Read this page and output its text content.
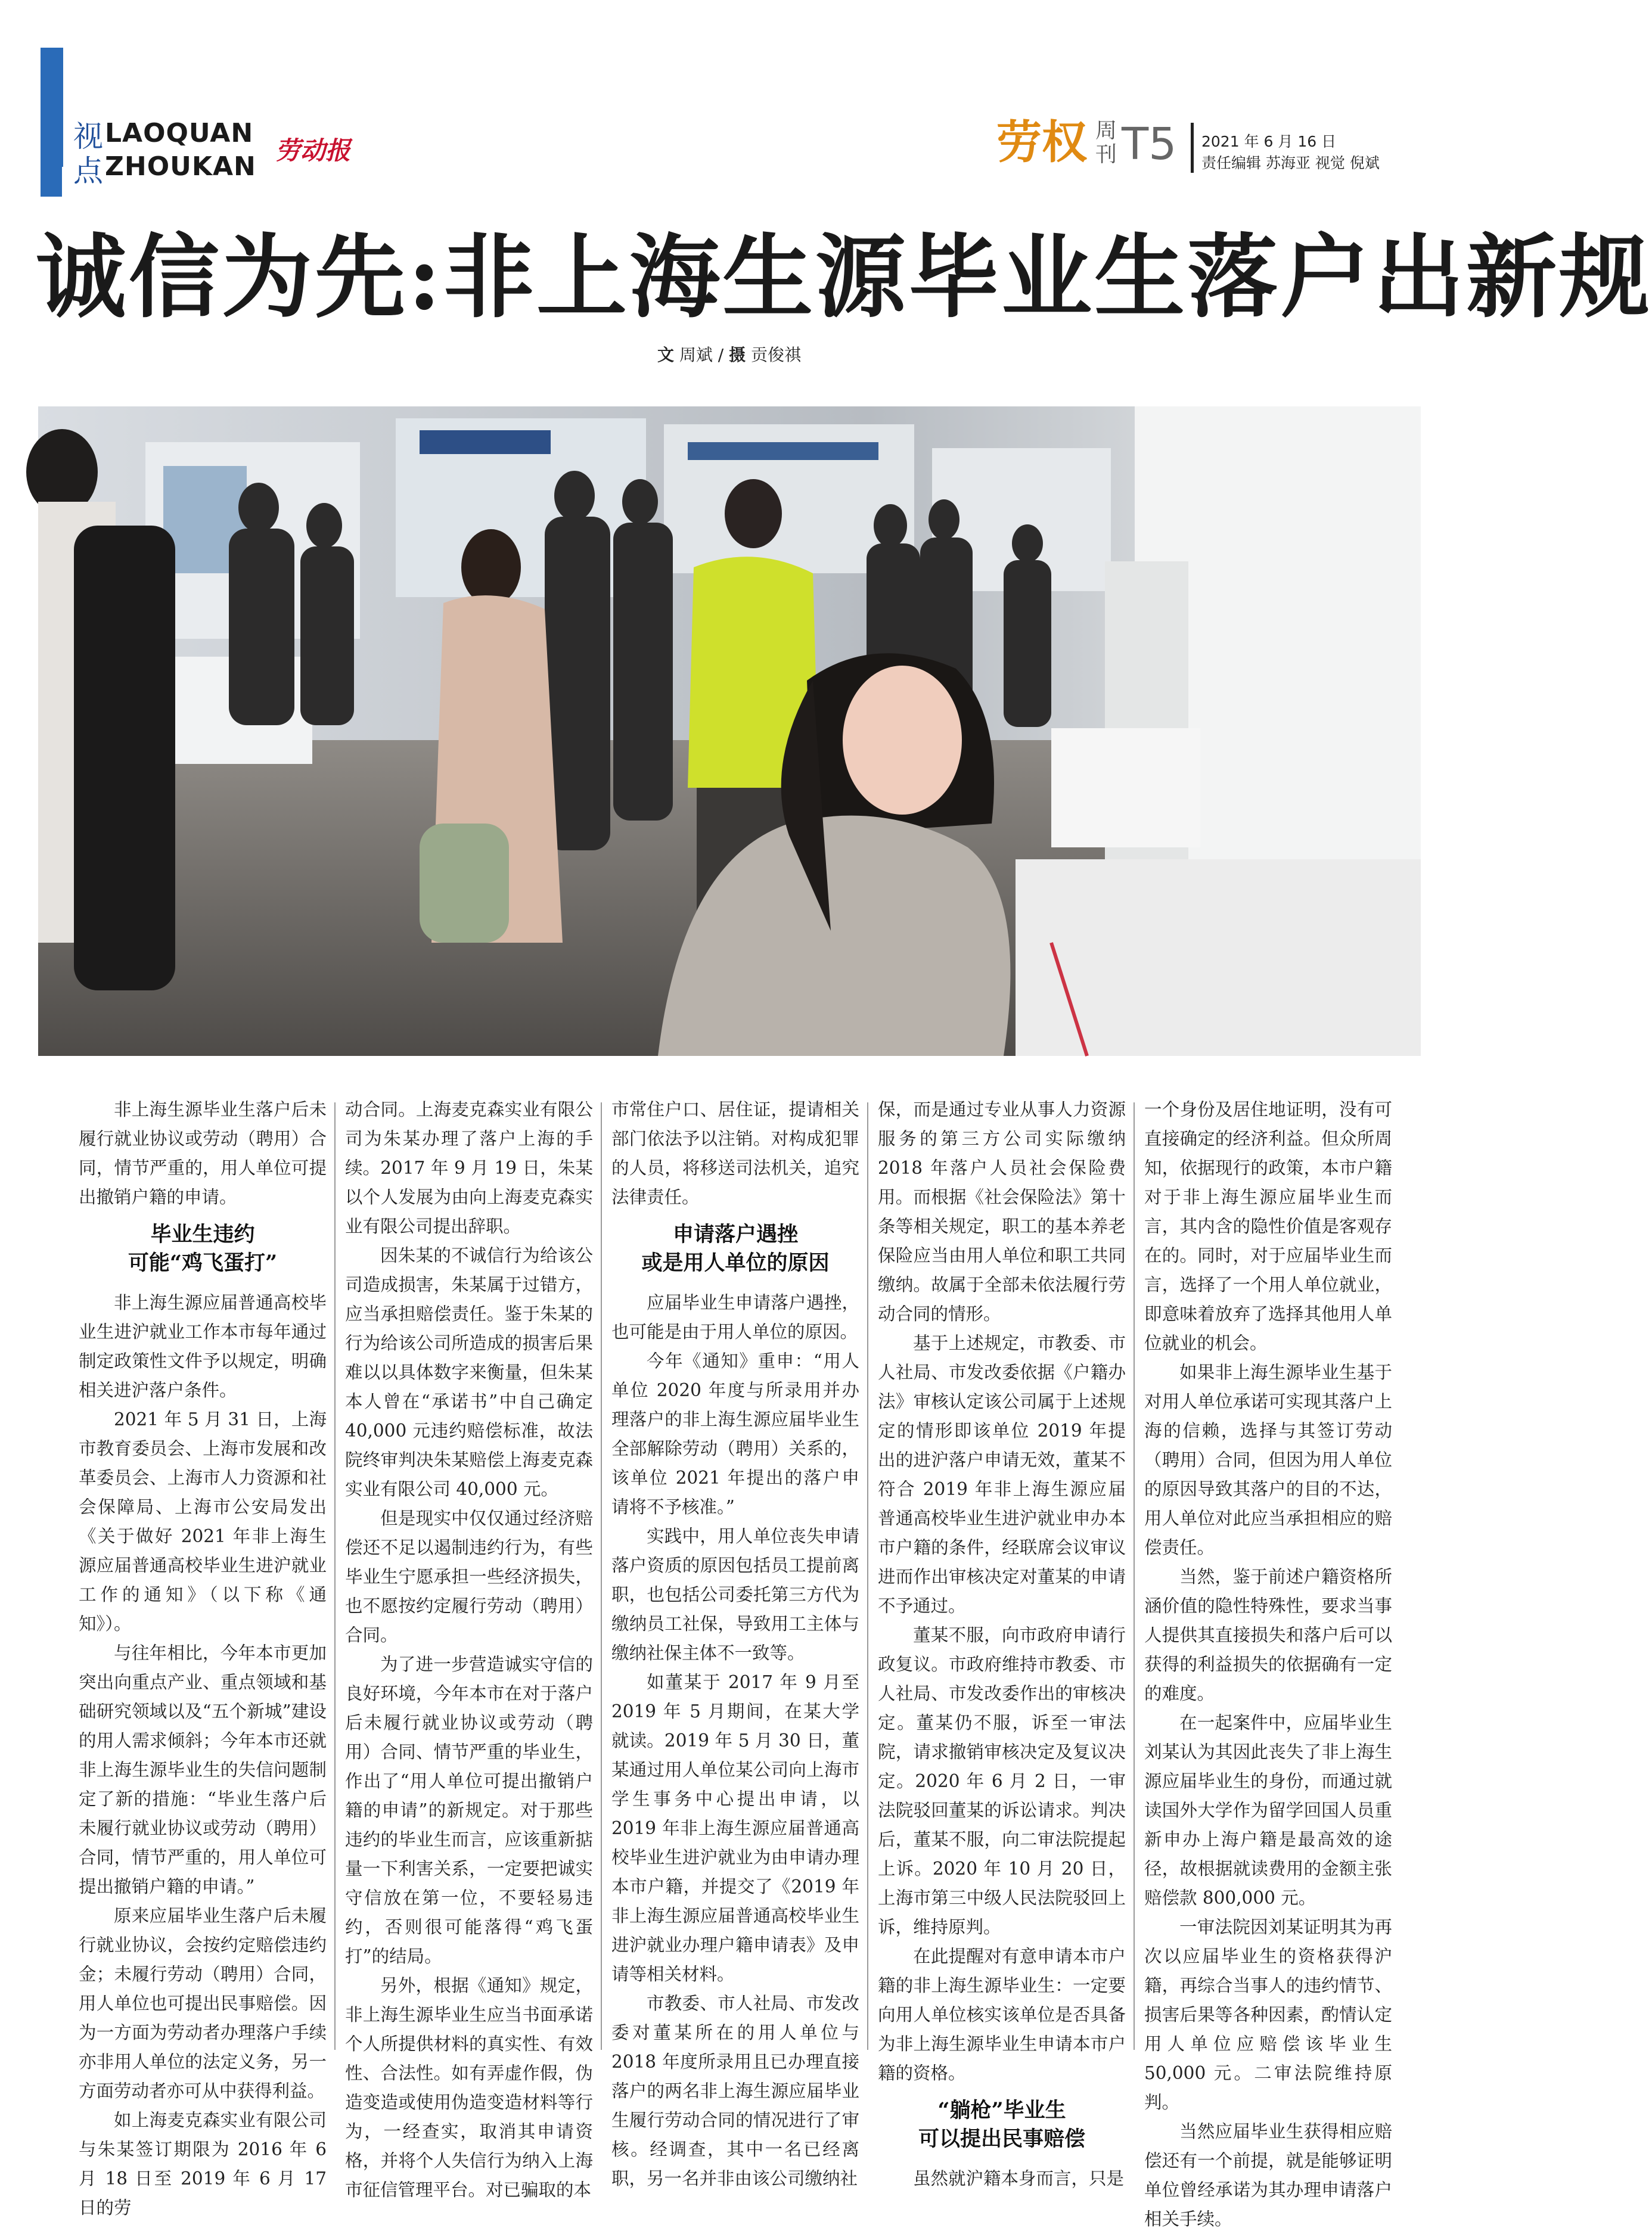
视点
LAOQUAN
ZHOUKAN
劳动报	劳权 周刊 T5 2021 年 6 月 16 日
责任编辑 苏海亚 视觉 倪斌
诚信为先:非上海生源毕业生落户出新规
文 周斌 / 摄 贡俊祺

非上海生源毕业生落户后未履行就业协议或劳动（聘用）合同，情节严重的，用人单位可提出撤销户籍的申请。

毕业生违约
可能“鸡飞蛋打”

非上海生源应届普通高校毕业生进沪就业工作本市每年通过制定政策性文件予以规定，明确相关进沪落户条件。

2021 年 5 月 31 日，上海市教育委员会、上海市发展和改革委员会、上海市人力资源和社会保障局、上海市公安局发出《关于做好 2021 年非上海生源应届普通高校毕业生进沪就业工作的通知》（以下称《通知》）。

与往年相比，今年本市更加突出向重点产业、重点领域和基础研究领域以及“五个新城”建设的用人需求倾斜；今年本市还就非上海生源毕业生的失信问题制定了新的措施：“毕业生落户后未履行就业协议或劳动（聘用）合同，情节严重的，用人单位可提出撤销户籍的申请。”

原来应届毕业生落户后未履行就业协议，会按约定赔偿违约金；未履行劳动（聘用）合同，用人单位也可提出民事赔偿。因为一方面为劳动者办理落户手续亦非用人单位的法定义务，另一方面劳动者亦可从中获得利益。

如上海麦克森实业有限公司与朱某签订期限为 2016 年 6 月 18 日至 2019 年 6 月 17 日的劳

动合同。上海麦克森实业有限公司为朱某办理了落户上海的手续。2017 年 9 月 19 日，朱某以个人发展为由向上海麦克森实业有限公司提出辞职。

因朱某的不诚信行为给该公司造成损害，朱某属于过错方，应当承担赔偿责任。鉴于朱某的行为给该公司所造成的损害后果难以以具体数字来衡量，但朱某本人曾在“承诺书”中自己确定 40,000 元违约赔偿标准，故法院终审判决朱某赔偿上海麦克森实业有限公司 40,000 元。

但是现实中仅仅通过经济赔偿还不足以遏制违约行为，有些毕业生宁愿承担一些经济损失，也不愿按约定履行劳动（聘用）合同。

为了进一步营造诚实守信的良好环境，今年本市在对于落户后未履行就业协议或劳动（聘用）合同、情节严重的毕业生，作出了“用人单位可提出撤销户籍的申请”的新规定。对于那些违约的毕业生而言，应该重新掂量一下利害关系，一定要把诚实守信放在第一位，不要轻易违约，否则很可能落得“鸡飞蛋打”的结局。

另外，根据《通知》规定，非上海生源毕业生应当书面承诺个人所提供材料的真实性、有效性、合法性。如有弄虚作假，伪造变造或使用伪造变造材料等行为，一经查实，取消其申请资格，并将个人失信行为纳入上海市征信管理平台。对已骗取的本

市常住户口、居住证，提请相关部门依法予以注销。对构成犯罪的人员，将移送司法机关，追究法律责任。

申请落户遇挫
或是用人单位的原因

应届毕业生申请落户遇挫，也可能是由于用人单位的原因。

今年《通知》重申：“用人单位 2020 年度与所录用并办理落户的非上海生源应届毕业生全部解除劳动（聘用）关系的，该单位 2021 年提出的落户申请将不予核准。”

实践中，用人单位丧失申请落户资质的原因包括员工提前离职，也包括公司委托第三方代为缴纳员工社保，导致用工主体与缴纳社保主体不一致等。

如董某于 2017 年 9 月至 2019 年 5 月期间，在某大学就读。2019 年 5 月 30 日，董某通过用人单位某公司向上海市学生事务中心提出申请，以 2019 年非上海生源应届普通高校毕业生进沪就业为由申请办理本市户籍，并提交了《2019 年非上海生源应届普通高校毕业生进沪就业办理户籍申请表》及申请等相关材料。

市教委、市人社局、市发改委对董某所在的用人单位与 2018 年度所录用且已办理直接落户的两名非上海生源应届毕业生履行劳动合同的情况进行了审核。经调查，其中一名已经离职，另一名并非由该公司缴纳社

保，而是通过专业从事人力资源服务的第三方公司实际缴纳 2018 年落户人员社会保险费用。而根据《社会保险法》第十条等相关规定，职工的基本养老保险应当由用人单位和职工共同缴纳。故属于全部未依法履行劳动合同的情形。

基于上述规定，市教委、市人社局、市发改委依据《户籍办法》审核认定该公司属于上述规定的情形即该单位 2019 年提出的进沪落户申请无效，董某不符合 2019 年非上海生源应届普通高校毕业生进沪就业申办本市户籍的条件，经联席会议审议进而作出审核决定对董某的申请不予通过。

董某不服，向市政府申请行政复议。市政府维持市教委、市人社局、市发改委作出的审核决定。董某仍不服，诉至一审法院，请求撤销审核决定及复议决定。2020 年 6 月 2 日，一审法院驳回董某的诉讼请求。判决后，董某不服，向二审法院提起上诉。2020 年 10 月 20 日，上海市第三中级人民法院驳回上诉，维持原判。

在此提醒对有意申请本市户籍的非上海生源毕业生：一定要向用人单位核实该单位是否具备为非上海生源毕业生申请本市户籍的资格。

“躺枪”毕业生
可以提出民事赔偿

虽然就沪籍本身而言，只是

一个身份及居住地证明，没有可直接确定的经济利益。但众所周知，依据现行的政策，本市户籍对于非上海生源应届毕业生而言，其内含的隐性价值是客观存在的。同时，对于应届毕业生而言，选择了一个用人单位就业，即意味着放弃了选择其他用人单位就业的机会。

如果非上海生源毕业生基于对用人单位承诺可实现其落户上海的信赖，选择与其签订劳动（聘用）合同，但因为用人单位的原因导致其落户的目的不达，用人单位对此应当承担相应的赔偿责任。

当然，鉴于前述户籍资格所涵价值的隐性特殊性，要求当事人提供其直接损失和落户后可以获得的利益损失的依据确有一定的难度。

在一起案件中，应届毕业生刘某认为其因此丧失了非上海生源应届毕业生的身份，而通过就读国外大学作为留学回国人员重新申办上海户籍是最高效的途径，故根据就读费用的金额主张赔偿款 800,000 元。

一审法院因刘某证明其为再次以应届毕业生的资格获得沪籍，再综合当事人的违约情节、损害后果等各种因素，酌情认定用人单位应赔偿该毕业生 50,000 元。二审法院维持原判。

当然应届毕业生获得相应赔偿还有一个前提，就是能够证明单位曾经承诺为其办理申请落户相关手续。
